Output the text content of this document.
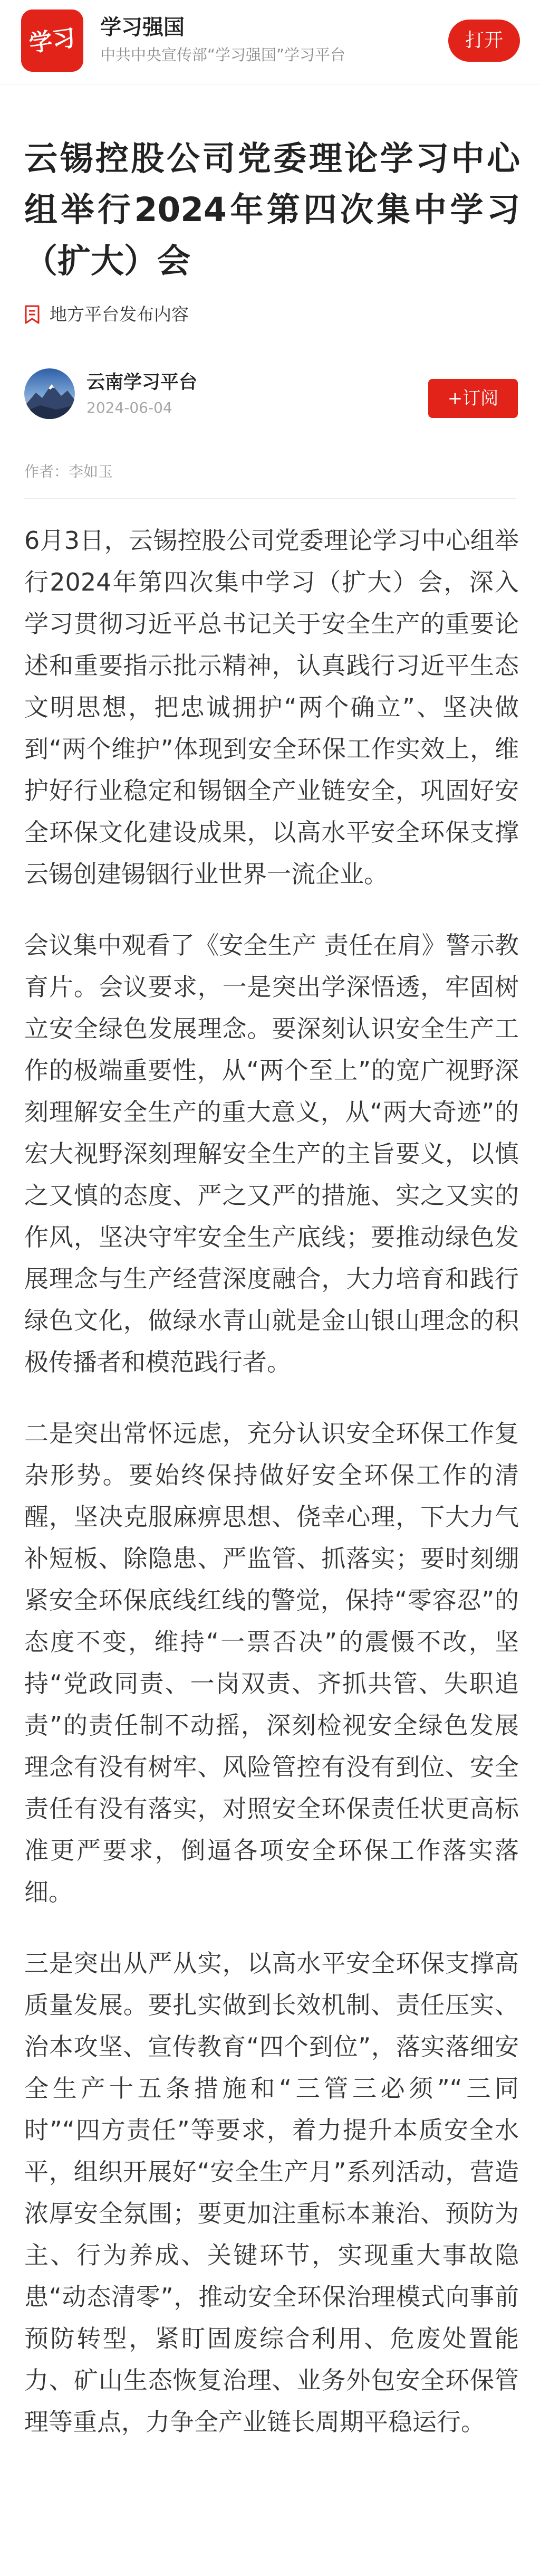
学习 学习强国
中共中央宣传部“学习强国”学习平台
打开
云锡控股公司党委理论学习中心组举行2024年第四次集中学习（扩大）会
地方平台发布内容
云南学习平台
2024-06-04	+订阅
作者：李如玉

6月3日，云锡控股公司党委理论学习中心组举行2024年第四次集中学习（扩大）会，深入学习贯彻习近平总书记关于安全生产的重要论述和重要指示批示精神，认真践行习近平生态文明思想，把忠诚拥护“两个确立”、坚决做到“两个维护”体现到安全环保工作实效上，维护好行业稳定和锡铟全产业链安全，巩固好安全环保文化建设成果，以高水平安全环保支撑云锡创建锡铟行业世界一流企业。

会议集中观看了《安全生产 责任在肩》警示教育片。会议要求，一是突出学深悟透，牢固树立安全绿色发展理念。要深刻认识安全生产工作的极端重要性，从“两个至上”的宽广视野深刻理解安全生产的重大意义，从“两大奇迹”的宏大视野深刻理解安全生产的主旨要义，以慎之又慎的态度、严之又严的措施、实之又实的作风，坚决守牢安全生产底线；要推动绿色发展理念与生产经营深度融合，大力培育和践行绿色文化，做绿水青山就是金山银山理念的积极传播者和模范践行者。

二是突出常怀远虑，充分认识安全环保工作复杂形势。要始终保持做好安全环保工作的清醒，坚决克服麻痹思想、侥幸心理，下大力气补短板、除隐患、严监管、抓落实；要时刻绷紧安全环保底线红线的警觉，保持“零容忍”的态度不变，维持“一票否决”的震慑不改，坚持“党政同责、一岗双责、齐抓共管、失职追责”的责任制不动摇，深刻检视安全绿色发展理念有没有树牢、风险管控有没有到位、安全责任有没有落实，对照安全环保责任状更高标准更严要求，倒逼各项安全环保工作落实落细。

三是突出从严从实，以高水平安全环保支撑高质量发展。要扎实做到长效机制、责任压实、治本攻坚、宣传教育“四个到位”，落实落细安全生产十五条措施和“三管三必须”“三同时”“四方责任”等要求，着力提升本质安全水平，组织开展好“安全生产月”系列活动，营造浓厚安全氛围；要更加注重标本兼治、预防为主、行为养成、关键环节，实现重大事故隐患“动态清零”，推动安全环保治理模式向事前预防转型，紧盯固废综合利用、危废处置能力、矿山生态恢复治理、业务外包安全环保管理等重点，力争全产业链长周期平稳运行。
